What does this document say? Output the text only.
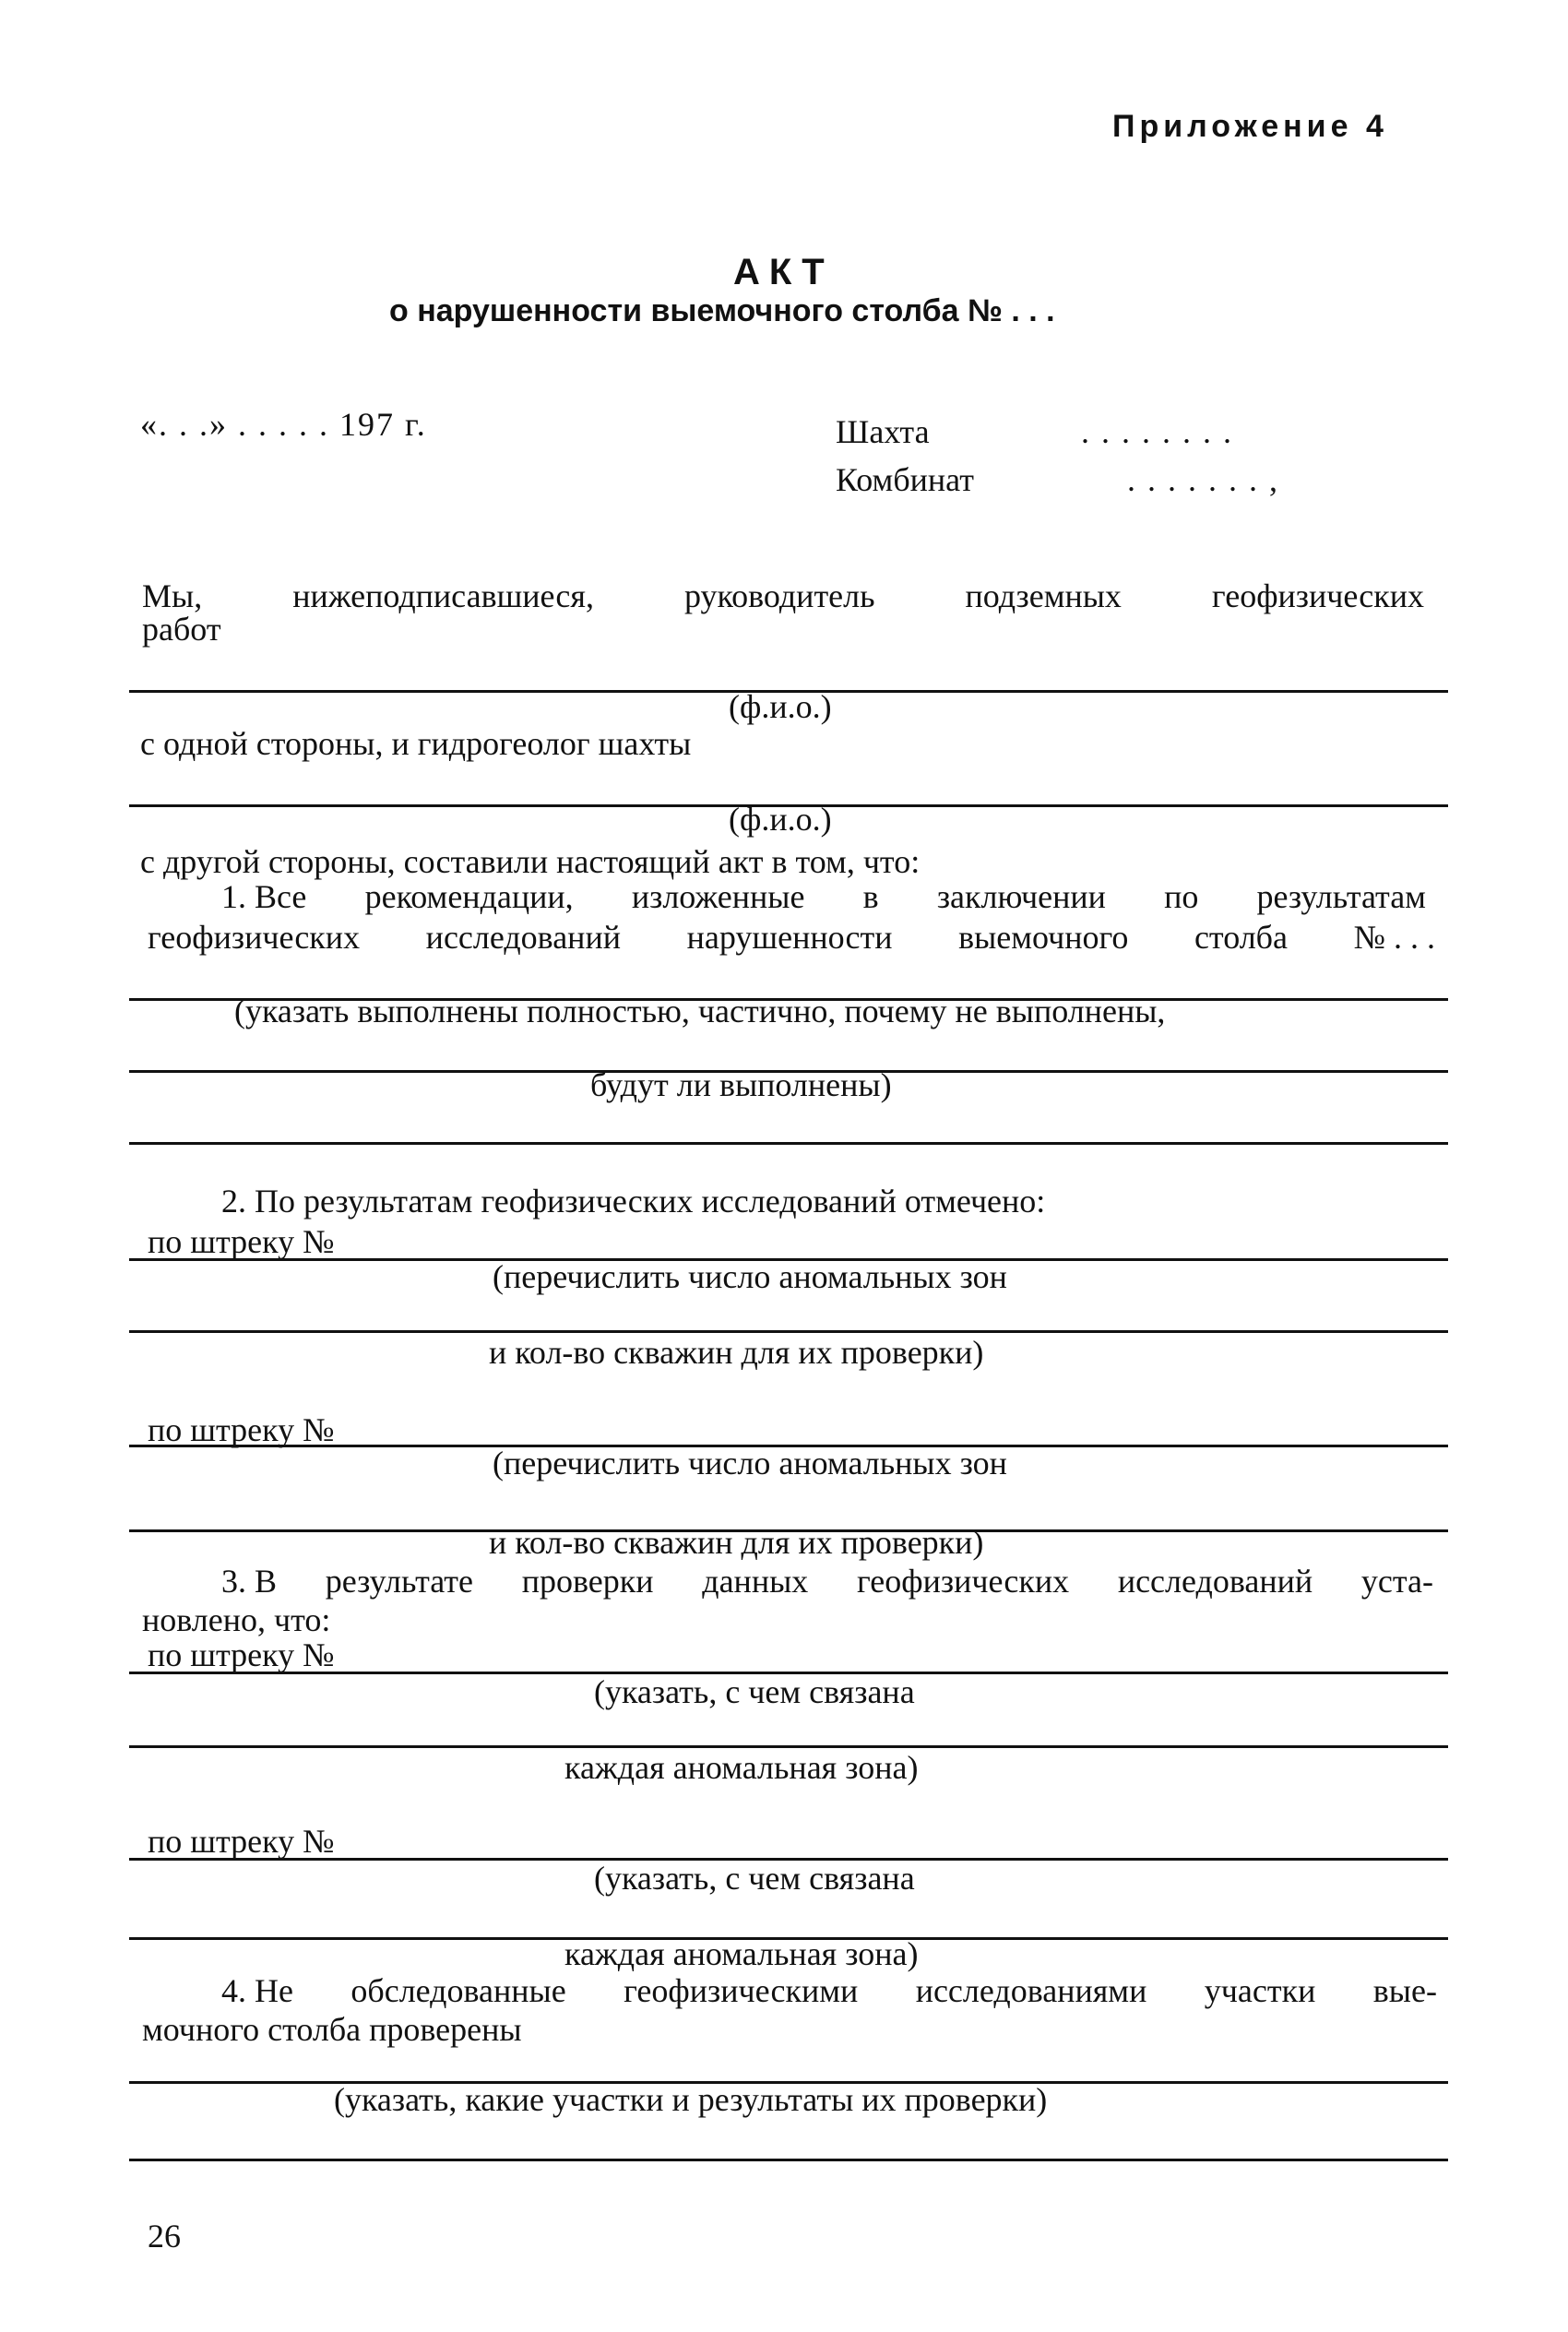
Приложение 4
АКТ
о нарушенности выемочного столба № . . .
«. . .» . . . . . 197 г.	Шахта	. . . . . . . .
Комбинат	. . . . . . . ,
Мы,	нижеподписавшиеся,	руководитель	подземных	геофизических
работ
(ф.и.о.)
с одной стороны, и гидрогеолог шахты
(ф.и.о.)
с другой стороны, составили настоящий акт в том, что:
1. Все рекомендации, изложенные в заключении по результатам
геофизических исследований нарушенности выемочного столба № . . .
(указать выполнены полностью, частично, почему не выполнены,
будут ли выполнены)
2. По результатам геофизических исследований отмечено:
по штреку №
(перечислить число аномальных зон
и кол-во скважин для их проверки)
по штреку №
(перечислить число аномальных зон
и кол-во скважин для их проверки)
3. В результате проверки данных геофизических исследований уста-
новлено, что:
по штреку №
(указать, с чем связана
каждая аномальная зона)
по штреку №
(указать, с чем связана
каждая аномальная зона)
4. Не обследованные геофизическими исследованиями участки вые-
мочного столба проверены
(указать, какие участки и результаты их проверки)
26
